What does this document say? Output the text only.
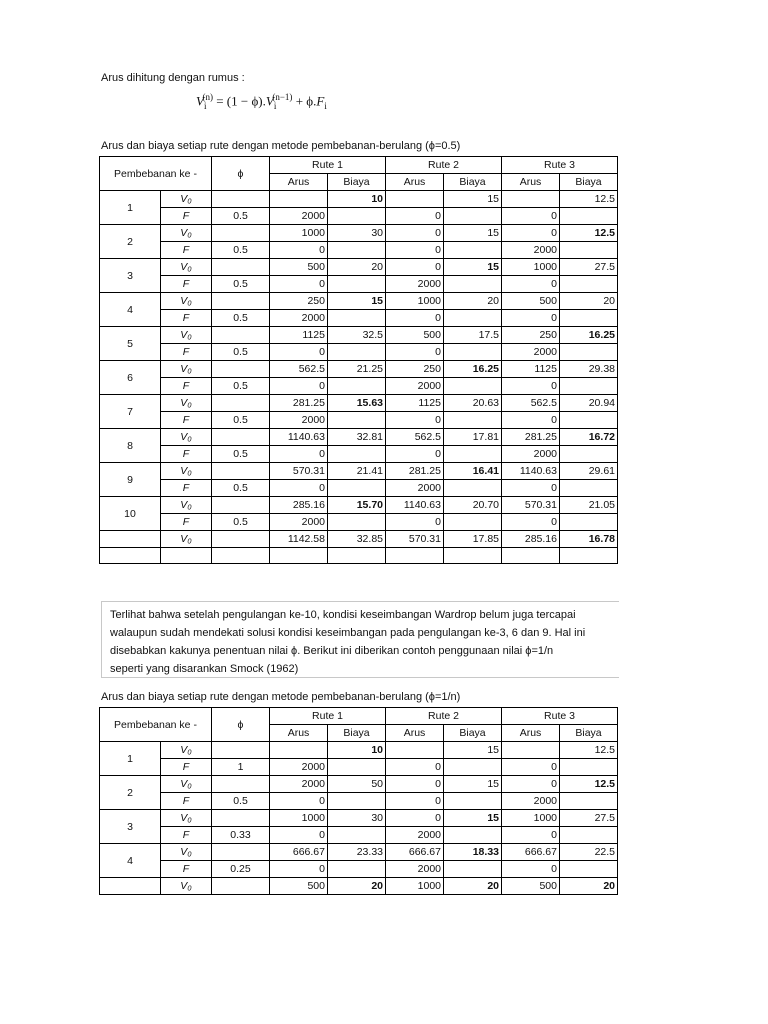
Arus dihitung dengan rumus :
$V_i^{(n)} = (1 - \phi).V_i^{(n-1)} + \phi.F_i$
Arus dan biaya setiap rute dengan metode pembebanan-berulang (ϕ=0.5)
Pembebanan ke -		ϕ	Rute 1		Rute 2		Rute 3	
			Arus	Biaya	Arus	Biaya	Arus	Biaya
1	V₀			10		15		12.5
	F	0.5	2000		0		0	
2	V₀		1000	30	0	15	0	12.5
	F	0.5	0		0		2000	
3	V₀		500	20	0	15	1000	27.5
	F	0.5	0		2000		0	
4	V₀		250	15	1000	20	500	20
	F	0.5	2000		0		0	
5	V₀		1125	32.5	500	17.5	250	16.25
	F	0.5	0		0		2000	
6	V₀		562.5	21.25	250	16.25	1125	29.38
	F	0.5	0		2000		0	
7	V₀		281.25	15.63	1125	20.63	562.5	20.94
	F	0.5	2000		0		0	
8	V₀		1140.63	32.81	562.5	17.81	281.25	16.72
	F	0.5	0		0		2000	
9	V₀		570.31	21.41	281.25	16.41	1140.63	29.61
	F	0.5	0		2000		0	
10	V₀		285.16	15.70	1140.63	20.70	570.31	21.05
	F	0.5	2000		0		0	
	V₀		1142.58	32.85	570.31	17.85	285.16	16.78

Terlihat bahwa setelah pengulangan ke-10, kondisi keseimbangan Wardrop belum juga tercapai
walaupun sudah mendekati solusi kondisi keseimbangan pada pengulangan ke-3, 6 dan 9. Hal ini
disebabkan kakunya penentuan nilai ϕ. Berikut ini diberikan contoh penggunaan nilai ϕ=1/n
seperti yang disarankan Smock (1962)
Arus dan biaya setiap rute dengan metode pembebanan-berulang (ϕ=1/n)
Pembebanan ke -		ϕ	Rute 1		Rute 2		Rute 3	
			Arus	Biaya	Arus	Biaya	Arus	Biaya
1	V₀			10		15		12.5
	F	1	2000		0		0	
2	V₀		2000	50	0	15	0	12.5
	F	0.5	0		0		2000	
3	V₀		1000	30	0	15	1000	27.5
	F	0.33	0		2000		0	
4	V₀		666.67	23.33	666.67	18.33	666.67	22.5
	F	0.25	0		2000		0	
	V₀		500	20	1000	20	500	20
